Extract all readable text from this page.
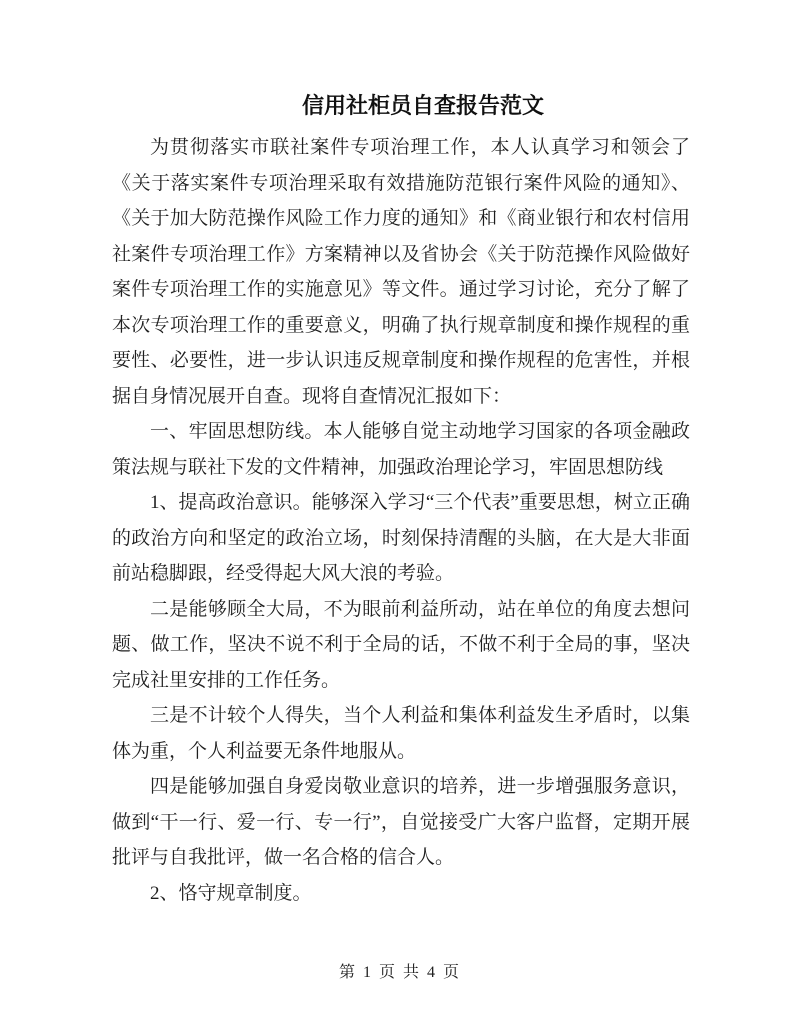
信用社柜员自查报告范文

为贯彻落实市联社案件专项治理工作，本人认真学习和领会了《关于落实案件专项治理采取有效措施防范银行案件风险的通知》、《关于加大防范操作风险工作力度的通知》和《商业银行和农村信用社案件专项治理工作》方案精神以及省协会《关于防范操作风险做好案件专项治理工作的实施意见》等文件。通过学习讨论，充分了解了本次专项治理工作的重要意义，明确了执行规章制度和操作规程的重要性、必要性，进一步认识违反规章制度和操作规程的危害性，并根据自身情况展开自查。现将自查情况汇报如下：

一、牢固思想防线。本人能够自觉主动地学习国家的各项金融政策法规与联社下发的文件精神，加强政治理论学习，牢固思想防线

1、提高政治意识。能够深入学习“三个代表”重要思想，树立正确的政治方向和坚定的政治立场，时刻保持清醒的头脑，在大是大非面前站稳脚跟，经受得起大风大浪的考验。

二是能够顾全大局，不为眼前利益所动，站在单位的角度去想问题、做工作，坚决不说不利于全局的话，不做不利于全局的事，坚决完成社里安排的工作任务。

三是不计较个人得失，当个人利益和集体利益发生矛盾时，以集体为重，个人利益要无条件地服从。

四是能够加强自身爱岗敬业意识的培养，进一步增强服务意识，做到“干一行、爱一行、专一行”，自觉接受广大客户监督，定期开展批评与自我批评，做一名合格的信合人。

2、恪守规章制度。

第 1 页 共 4 页
